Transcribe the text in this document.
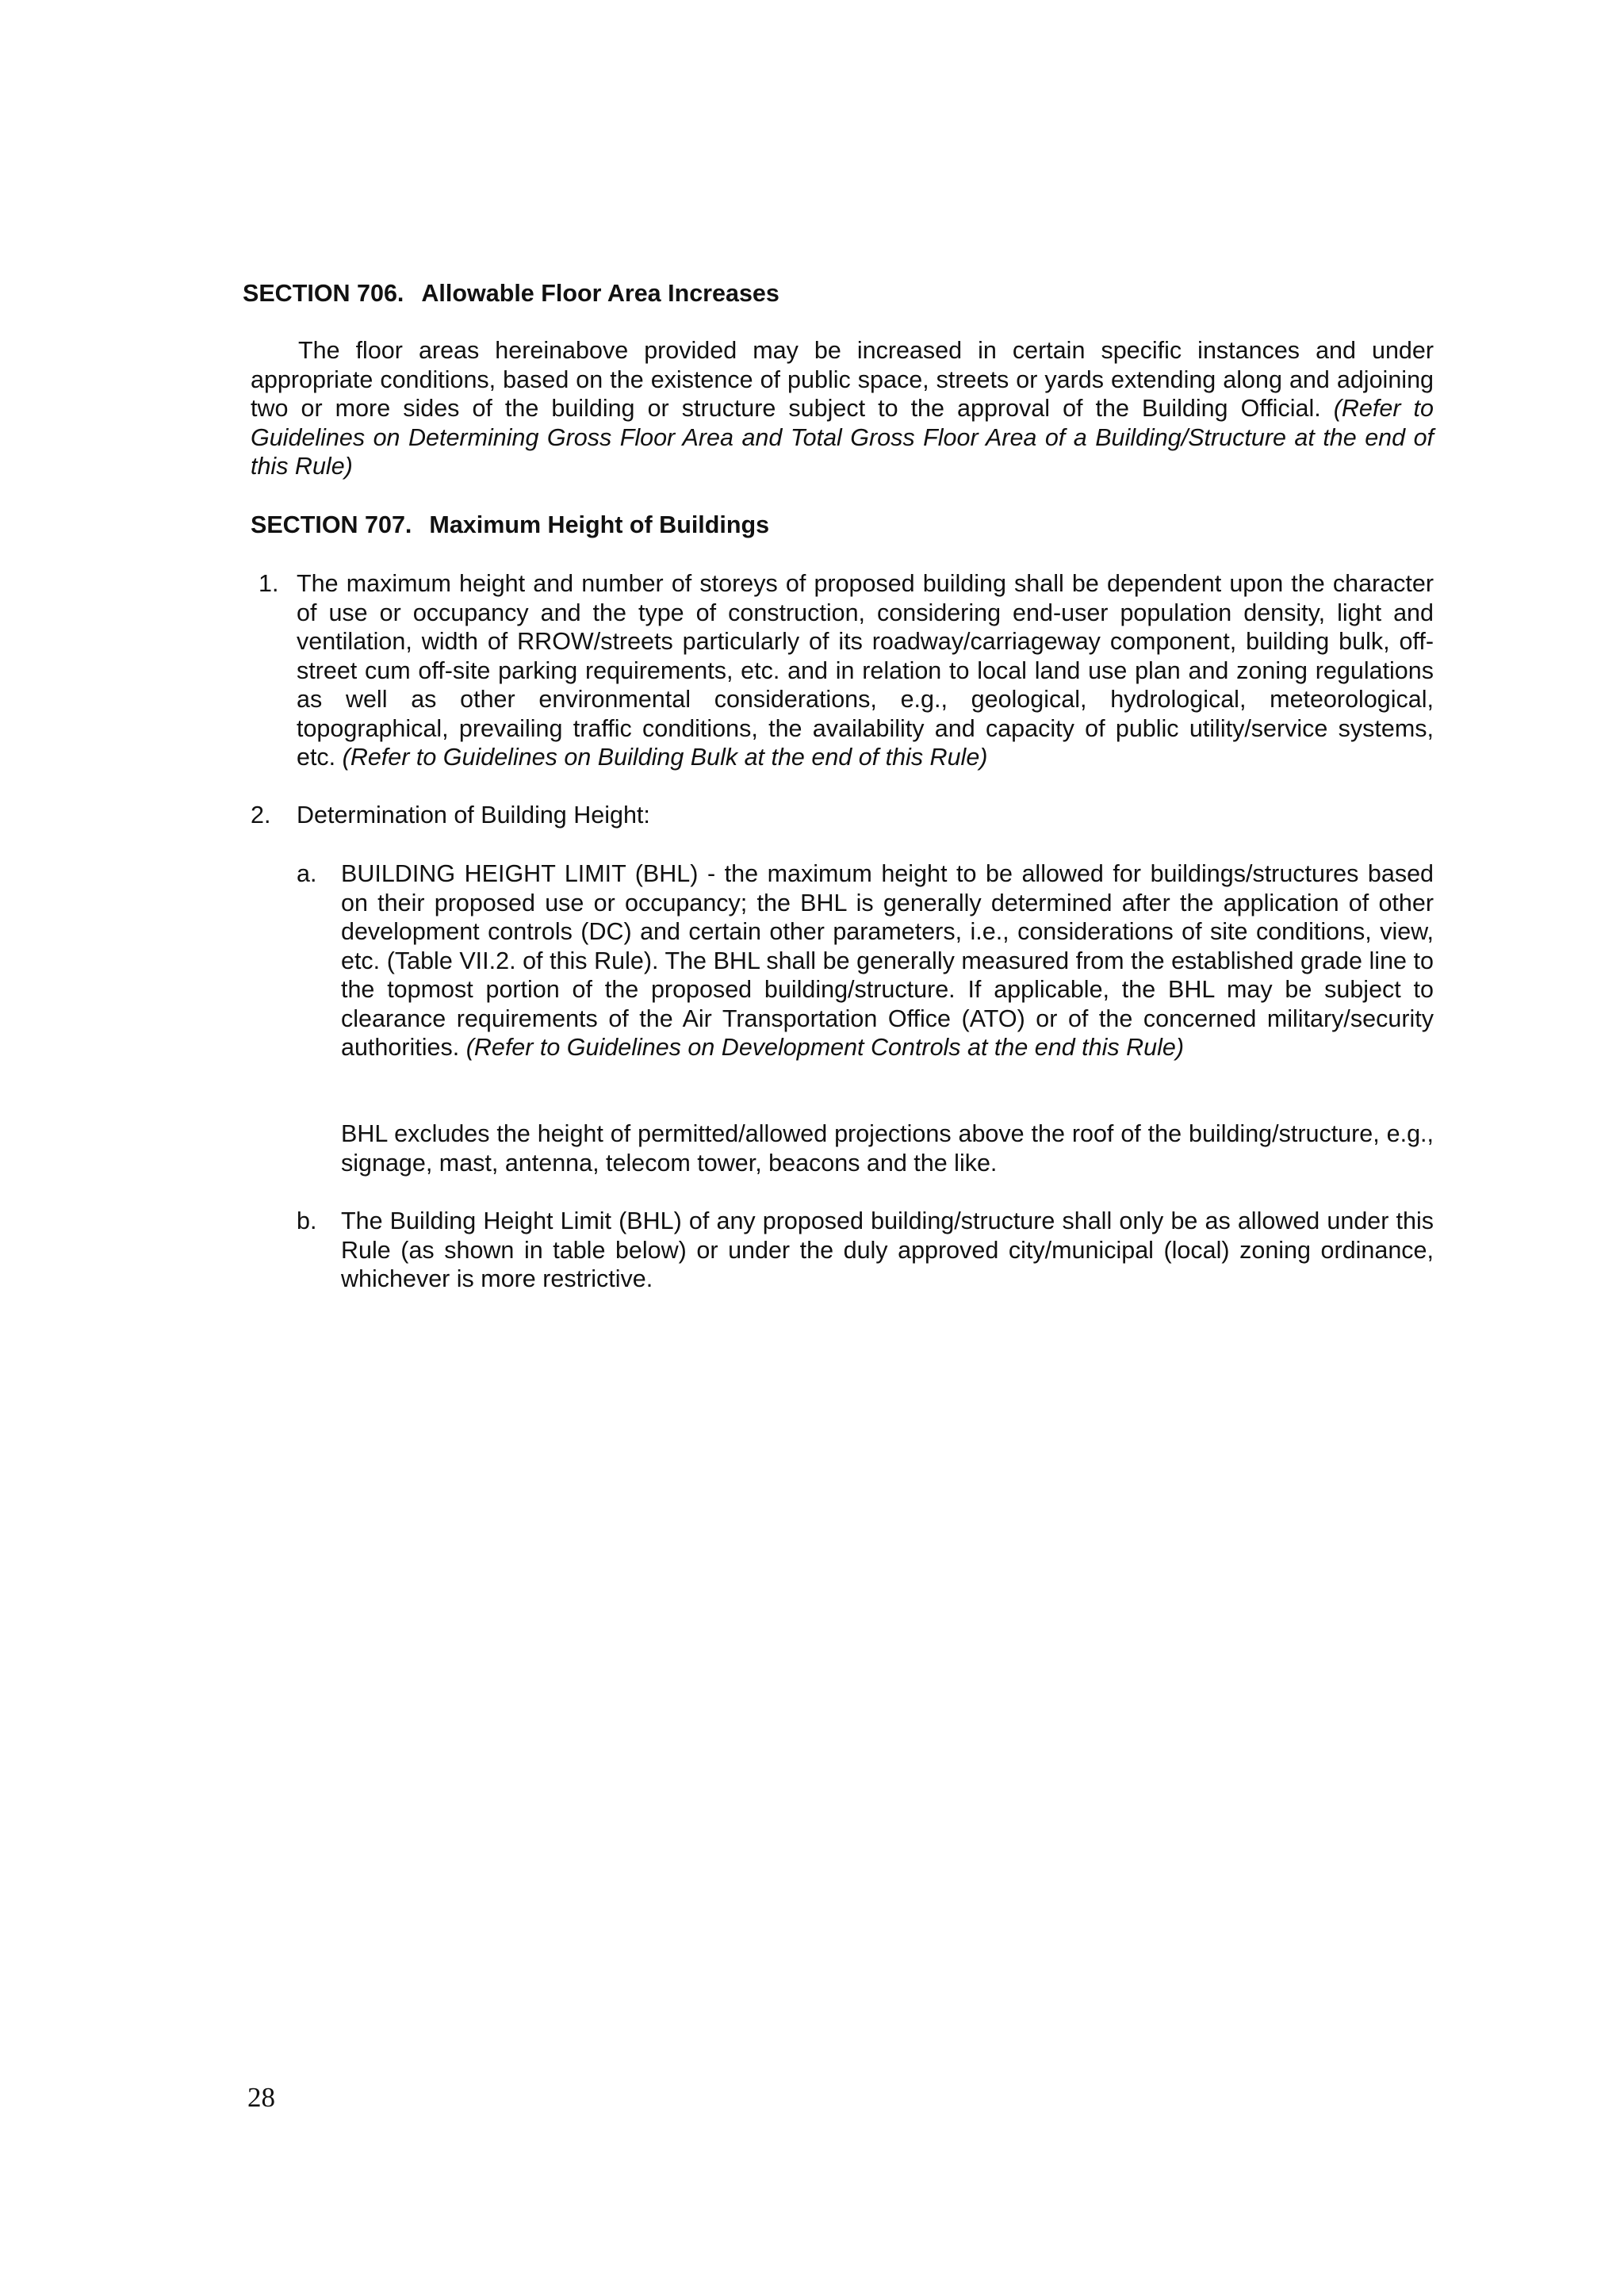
SECTION 706. Allowable Floor Area Increases

The floor areas hereinabove provided may be increased in certain specific instances and under appropriate conditions, based on the existence of public space, streets or yards extending along and adjoining two or more sides of the building or structure subject to the approval of the Building Official. (Refer to Guidelines on Determining Gross Floor Area and Total Gross Floor Area of a Building/Structure at the end of this Rule)

SECTION 707. Maximum Height of Buildings
1. The maximum height and number of storeys of proposed building shall be dependent upon the character of use or occupancy and the type of construction, considering end-user population density, light and ventilation, width of RROW/streets particularly of its roadway/carriageway component, building bulk, off-street cum off-site parking requirements, etc. and in relation to local land use plan and zoning regulations as well as other environmental considerations, e.g., geological, hydrological, meteorological, topographical, prevailing traffic conditions, the availability and capacity of public utility/service systems, etc. (Refer to Guidelines on Building Bulk at the end of this Rule)

2. Determination of Building Height:

a. BUILDING HEIGHT LIMIT (BHL) - the maximum height to be allowed for buildings/structures based on their proposed use or occupancy; the BHL is generally determined after the application of other development controls (DC) and certain other parameters, i.e., considerations of site conditions, view, etc. (Table VII.2. of this Rule). The BHL shall be generally measured from the established grade line to the topmost portion of the proposed building/structure. If applicable, the BHL may be subject to clearance requirements of the Air Transportation Office (ATO) or of the concerned military/security authorities. (Refer to Guidelines on Development Controls at the end this Rule)

BHL excludes the height of permitted/allowed projections above the roof of the building/structure, e.g., signage, mast, antenna, telecom tower, beacons and the like.

b. The Building Height Limit (BHL) of any proposed building/structure shall only be as allowed under this Rule (as shown in table below) or under the duly approved city/municipal (local) zoning ordinance, whichever is more restrictive.

28
